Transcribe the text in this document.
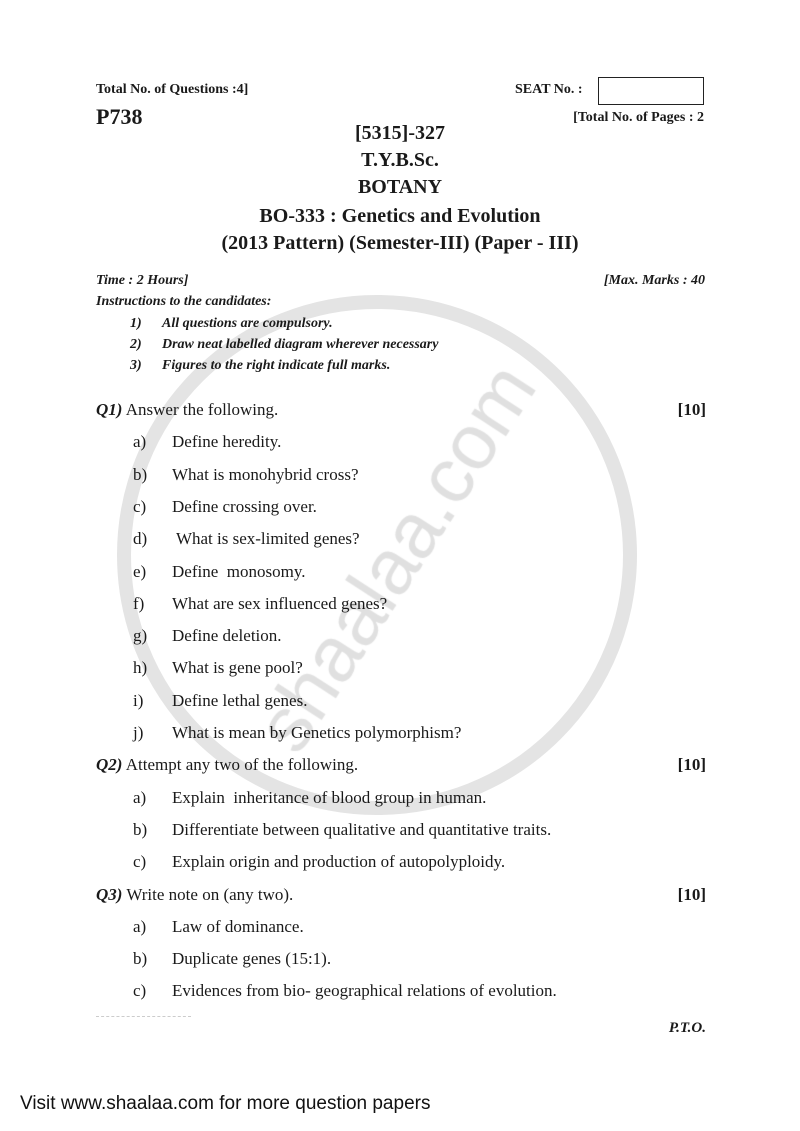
Total No. of Questions :4]
P738
SEAT No. :
[Total No. of Pages : 2
[5315]-327
T.Y.B.Sc.
BOTANY
BO-333 : Genetics and Evolution
(2013 Pattern) (Semester-III) (Paper - III)
Time : 2 Hours]	[Max. Marks : 40
Instructions to the candidates:
1) All questions are compulsory.
2) Draw neat labelled diagram wherever necessary
3) Figures to the right indicate full marks.
Q1) Answer the following.	[10]
a) Define heredity.
b) What is monohybrid cross?
c) Define crossing over.
d) What is sex-limited genes?
e) Define  monosomy.
f) What are sex influenced genes?
g) Define deletion.
h) What is gene pool?
i) Define lethal genes.
j) What is mean by Genetics polymorphism?
Q2) Attempt any two of the following.	[10]
a) Explain  inheritance of blood group in human.
b) Differentiate between qualitative and quantitative traits.
c) Explain origin and production of autopolyploidy.
Q3) Write note on (any two).	[10]
a) Law of dominance.
b) Duplicate genes (15:1).
c) Evidences from bio- geographical relations of evolution.
P.T.O.
Visit www.shaalaa.com for more question papers
